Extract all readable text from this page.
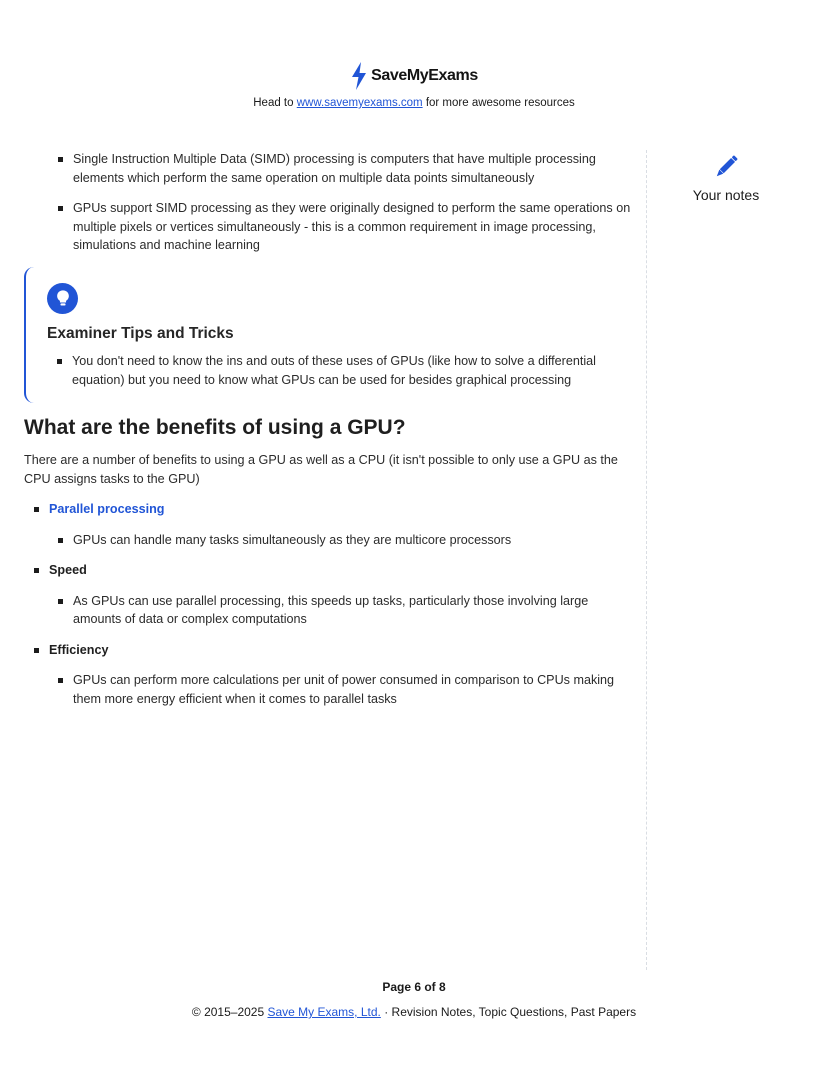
SaveMyExams
Head to www.savemyexams.com for more awesome resources
Your notes
Single Instruction Multiple Data (SIMD) processing is computers that have multiple processing elements which perform the same operation on multiple data points simultaneously
GPUs support SIMD processing as they were originally designed to perform the same operations on multiple pixels or vertices simultaneously - this is a common requirement in image processing, simulations and machine learning
Examiner Tips and Tricks
You don't need to know the ins and outs of these uses of GPUs (like how to solve a differential equation) but you need to know what GPUs can be used for besides graphical processing
What are the benefits of using a GPU?

There are a number of benefits to using a GPU as well as a CPU (it isn't possible to only use a GPU as the CPU assigns tasks to the GPU)

Parallel processing
GPUs can handle many tasks simultaneously as they are multicore processors
Speed
As GPUs can use parallel processing, this speeds up tasks, particularly those involving large amounts of data or complex computations
Efficiency
GPUs can perform more calculations per unit of power consumed in comparison to CPUs making them more energy efficient when it comes to parallel tasks
Page 6 of 8
© 2015–2025 Save My Exams, Ltd. · Revision Notes, Topic Questions, Past Papers
